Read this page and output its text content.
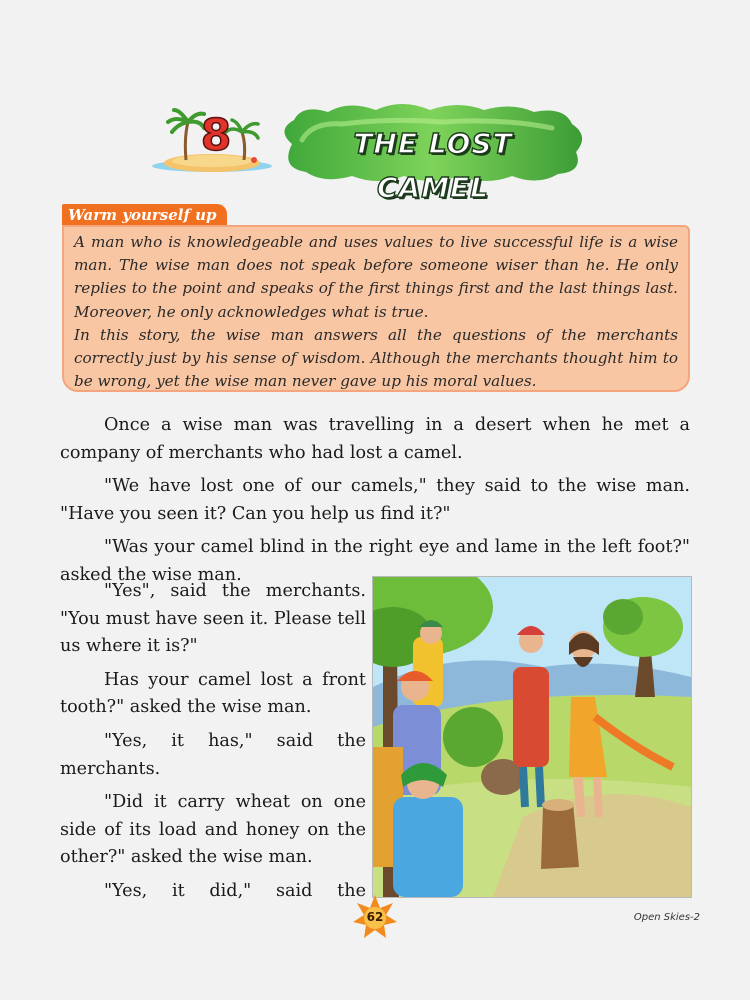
8	THE LOST CAMEL
Warm yourself up

A man who is knowledgeable and uses values to live successful life is a wise man. The wise man does not speak before someone wiser than he. He only replies to the point and speaks of the first things first and the last things last. Moreover, he only acknowledges what is true.

In this story, the wise man answers all the questions of the merchants correctly just by his sense of wisdom. Although the merchants thought him to be wrong, yet the wise man never gave up his moral values.

Once a wise man was travelling in a desert when he met a company of merchants who had lost a camel.

"We have lost one of our camels," they said to the wise man. "Have you seen it? Can you help us find it?"

"Was your camel blind in the right eye and lame in the left foot?" asked the wise man.

"Yes", said the merchants. "You must have seen it. Please tell us where it is?"

Has your camel lost a front tooth?" asked the wise man.

"Yes, it has," said the merchants.

"Did it carry wheat on one side of its load and honey on the other?" asked the wise man.

"Yes, it did," said the

62	Open Skies-2
